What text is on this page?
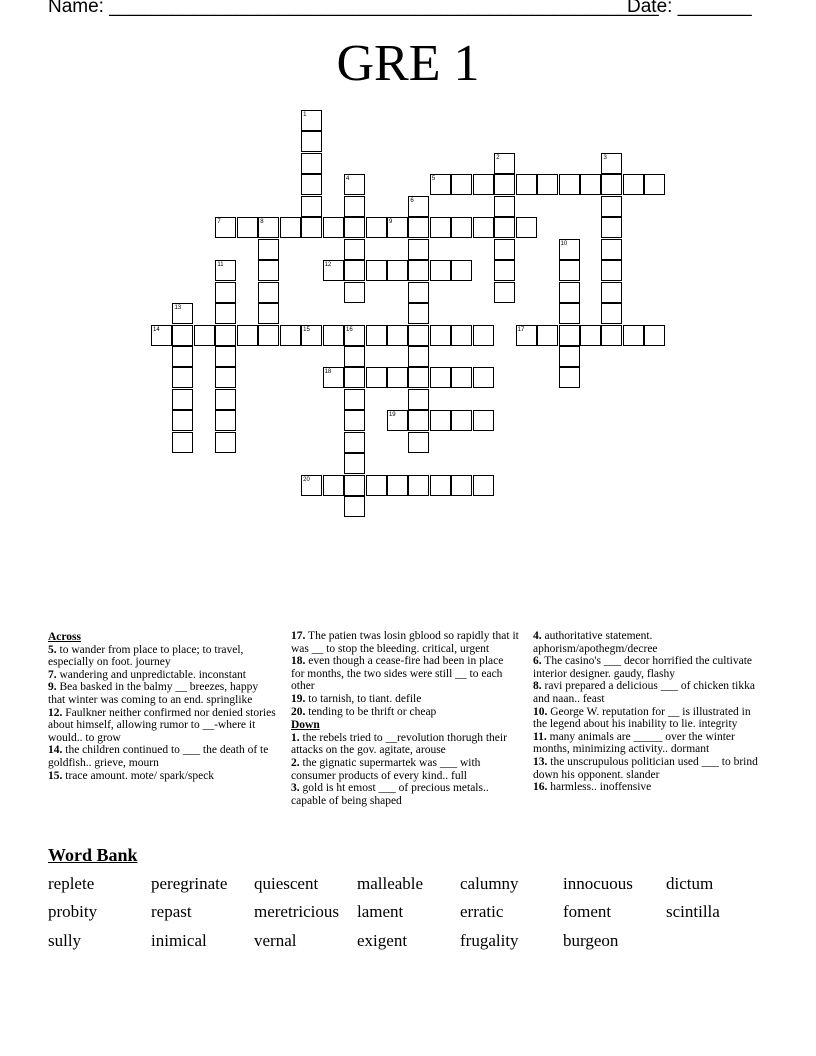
Name: ____________________________________________________
Date: _______
GRE 1
5
7	8	9
12
14	15	16	17
18
19
20
1
2	3
4
6
10
11
13
Across
5. to wander from place to place; to travel, especially on foot. journey
7. wandering and unpredictable. inconstant
9. Bea basked in the balmy __ breezes, happy that winter was coming to an end. springlike
12. Faulkner neither confirmed nor denied stories about himself, allowing rumor to __-where it would.. to grow
14. the children continued to ___ the death of te goldfish.. grieve, mourn
15. trace amount. mote/ spark/speck
17. The patien twas losin gblood so rapidly that it was __ to stop the bleeding. critical, urgent
18. even though a cease-fire had been in place for months, the two sides were still __ to each other
19. to tarnish, to tiant. defile
20. tending to be thrift or cheap
Down
1. the rebels tried to __revolution thorugh their attacks on the gov. agitate, arouse
2. the gignatic supermartek was ___ with consumer products of every kind.. full
3. gold is ht emost ___ of precious metals.. capable of being shaped
4. authoritative statement. aphorism/apothegm/decree
6. The casino's ___ decor horrified the cultivate interior designer. gaudy, flashy
8. ravi prepared a delicious ___ of chicken tikka and naan.. feast
10. George W. reputation for __ is illustrated in the legend about his inability to lie. integrity
11. many animals are _____ over the winter months, minimizing activity.. dormant
13. the unscrupulous politician used ___ to brind down his opponent. slander
16. harmless.. inoffensive
Word Bank
replete	peregrinate quiescent malleable calumny	innocuous dictum
probity	repast	meretricious lament	erratic	foment	scintilla
sully	inimical	vernal	exigent	frugality	burgeon
